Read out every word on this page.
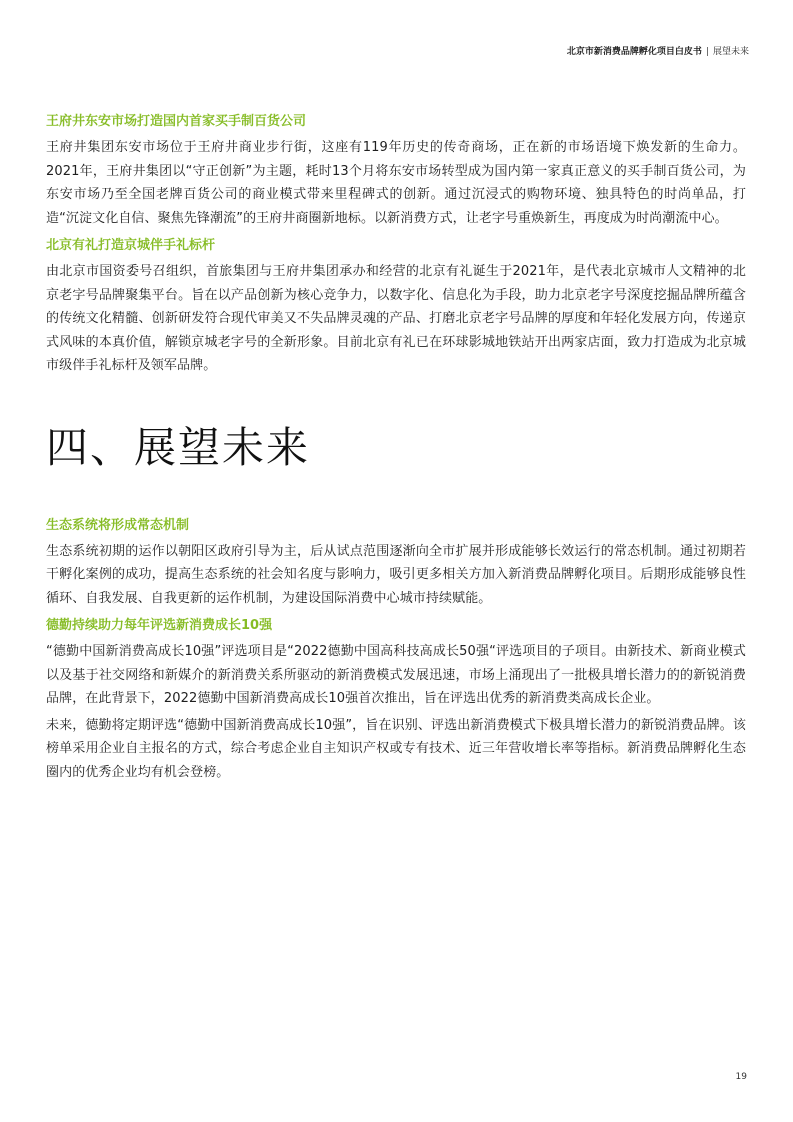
北京市新消费品牌孵化项目白皮书 | 展望未来
王府井东安市场打造国内首家买手制百货公司

王府井集团东安市场位于王府井商业步行街，这座有119年历史的传奇商场，正在新的市场语境下焕发新的生命力。2021年，王府井集团以“守正创新”为主题，耗时13个月将东安市场转型成为国内第一家真正意义的买手制百货公司，为东安市场乃至全国老牌百货公司的商业模式带来里程碑式的创新。通过沉浸式的购物环境、独具特色的时尚单品，打造“沉淀文化自信、聚焦先锋潮流”的王府井商圈新地标。以新消费方式，让老字号重焕新生，再度成为时尚潮流中心。

北京有礼打造京城伴手礼标杆

由北京市国资委号召组织，首旅集团与王府井集团承办和经营的北京有礼诞生于2021年，是代表北京城市人文精神的北京老字号品牌聚集平台。旨在以产品创新为核心竞争力，以数字化、信息化为手段，助力北京老字号深度挖掘品牌所蕴含的传统文化精髓、创新研发符合现代审美又不失品牌灵魂的产品、打磨北京老字号品牌的厚度和年轻化发展方向，传递京式风味的本真价值，解锁京城老字号的全新形象。目前北京有礼已在环球影城地铁站开出两家店面，致力打造成为北京城市级伴手礼标杆及领军品牌。

四、展望未来
生态系统将形成常态机制

生态系统初期的运作以朝阳区政府引导为主，后从试点范围逐渐向全市扩展并形成能够长效运行的常态机制。通过初期若干孵化案例的成功，提高生态系统的社会知名度与影响力，吸引更多相关方加入新消费品牌孵化项目。后期形成能够良性循环、自我发展、自我更新的运作机制，为建设国际消费中心城市持续赋能。

德勤持续助力每年评选新消费成长10强

“德勤中国新消费高成长10强”评选项目是“2022德勤中国高科技高成长50强“评选项目的子项目。由新技术、新商业模式以及基于社交网络和新媒介的新消费关系所驱动的新消费模式发展迅速，市场上涌现出了一批极具增长潜力的的新锐消费品牌，在此背景下，2022德勤中国新消费高成长10强首次推出，旨在评选出优秀的新消费类高成长企业。

未来，德勤将定期评选“德勤中国新消费高成长10强”，旨在识别、评选出新消费模式下极具增长潜力的新锐消费品牌。该榜单采用企业自主报名的方式，综合考虑企业自主知识产权或专有技术、近三年营收增长率等指标。新消费品牌孵化生态圈内的优秀企业均有机会登榜。

19
